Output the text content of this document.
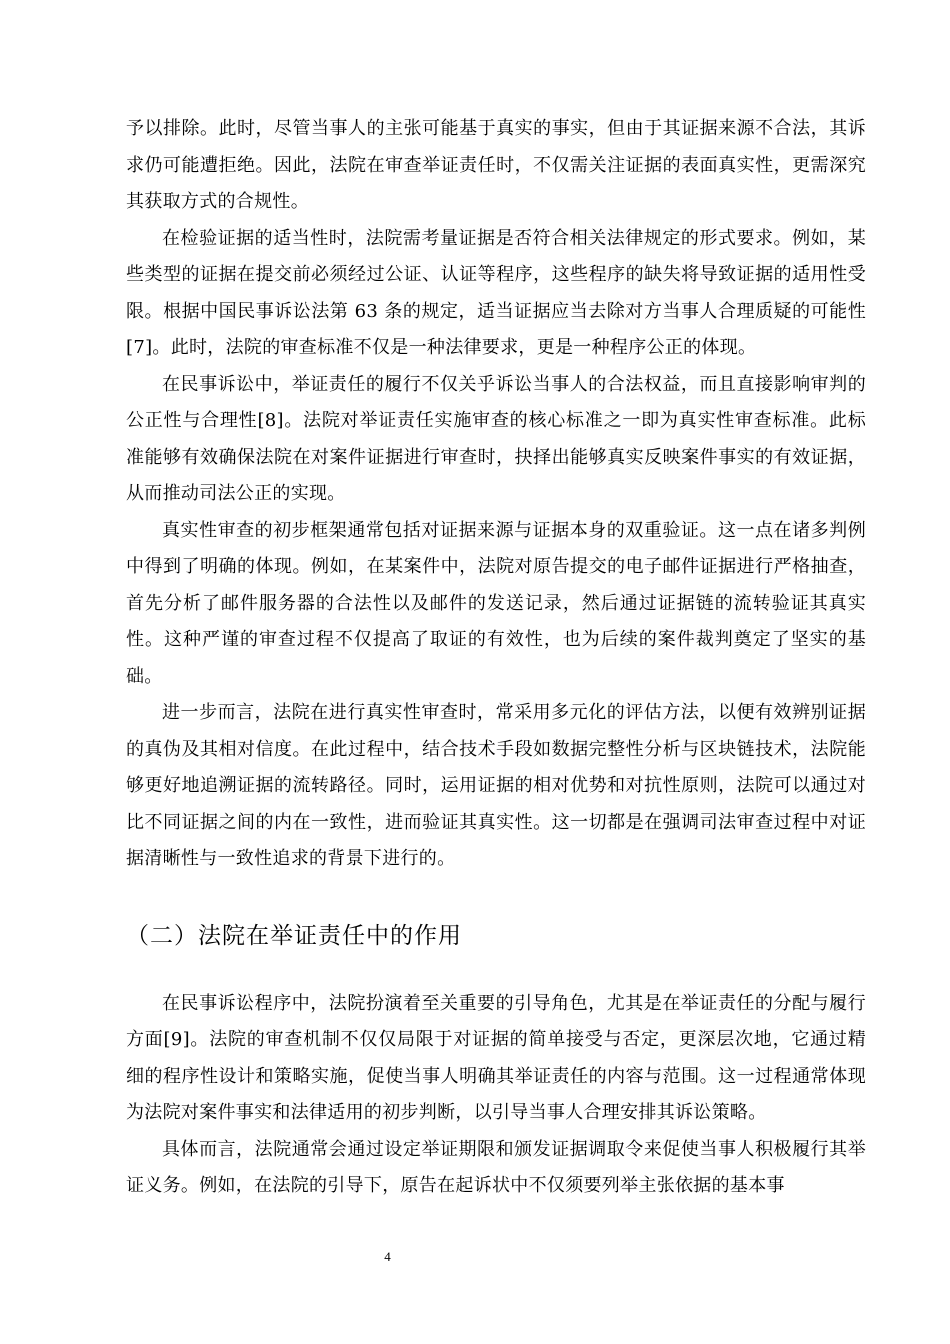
予以排除。此时，尽管当事人的主张可能基于真实的事实，但由于其证据来源不合法，其诉求仍可能遭拒绝。因此，法院在审查举证责任时，不仅需关注证据的表面真实性，更需深究其获取方式的合规性。

在检验证据的适当性时，法院需考量证据是否符合相关法律规定的形式要求。例如，某些类型的证据在提交前必须经过公证、认证等程序，这些程序的缺失将导致证据的适用性受限。根据中国民事诉讼法第 63 条的规定，适当证据应当去除对方当事人合理质疑的可能性[7]。此时，法院的审查标准不仅是一种法律要求，更是一种程序公正的体现。

在民事诉讼中，举证责任的履行不仅关乎诉讼当事人的合法权益，而且直接影响审判的公正性与合理性[8]。法院对举证责任实施审查的核心标准之一即为真实性审查标准。此标准能够有效确保法院在对案件证据进行审查时，抉择出能够真实反映案件事实的有效证据，从而推动司法公正的实现。

真实性审查的初步框架通常包括对证据来源与证据本身的双重验证。这一点在诸多判例中得到了明确的体现。例如，在某案件中，法院对原告提交的电子邮件证据进行严格抽查，首先分析了邮件服务器的合法性以及邮件的发送记录，然后通过证据链的流转验证其真实性。这种严谨的审查过程不仅提高了取证的有效性，也为后续的案件裁判奠定了坚实的基础。

进一步而言，法院在进行真实性审查时，常采用多元化的评估方法，以便有效辨别证据的真伪及其相对信度。在此过程中，结合技术手段如数据完整性分析与区块链技术，法院能够更好地追溯证据的流转路径。同时，运用证据的相对优势和对抗性原则，法院可以通过对比不同证据之间的内在一致性，进而验证其真实性。这一切都是在强调司法审查过程中对证据清晰性与一致性追求的背景下进行的。

（二）法院在举证责任中的作用

在民事诉讼程序中，法院扮演着至关重要的引导角色，尤其是在举证责任的分配与履行方面[9]。法院的审查机制不仅仅局限于对证据的简单接受与否定，更深层次地，它通过精细的程序性设计和策略实施，促使当事人明确其举证责任的内容与范围。这一过程通常体现为法院对案件事实和法律适用的初步判断，以引导当事人合理安排其诉讼策略。

具体而言，法院通常会通过设定举证期限和颁发证据调取令来促使当事人积极履行其举证义务。例如，在法院的引导下，原告在起诉状中不仅须要列举主张依据的基本事

4
